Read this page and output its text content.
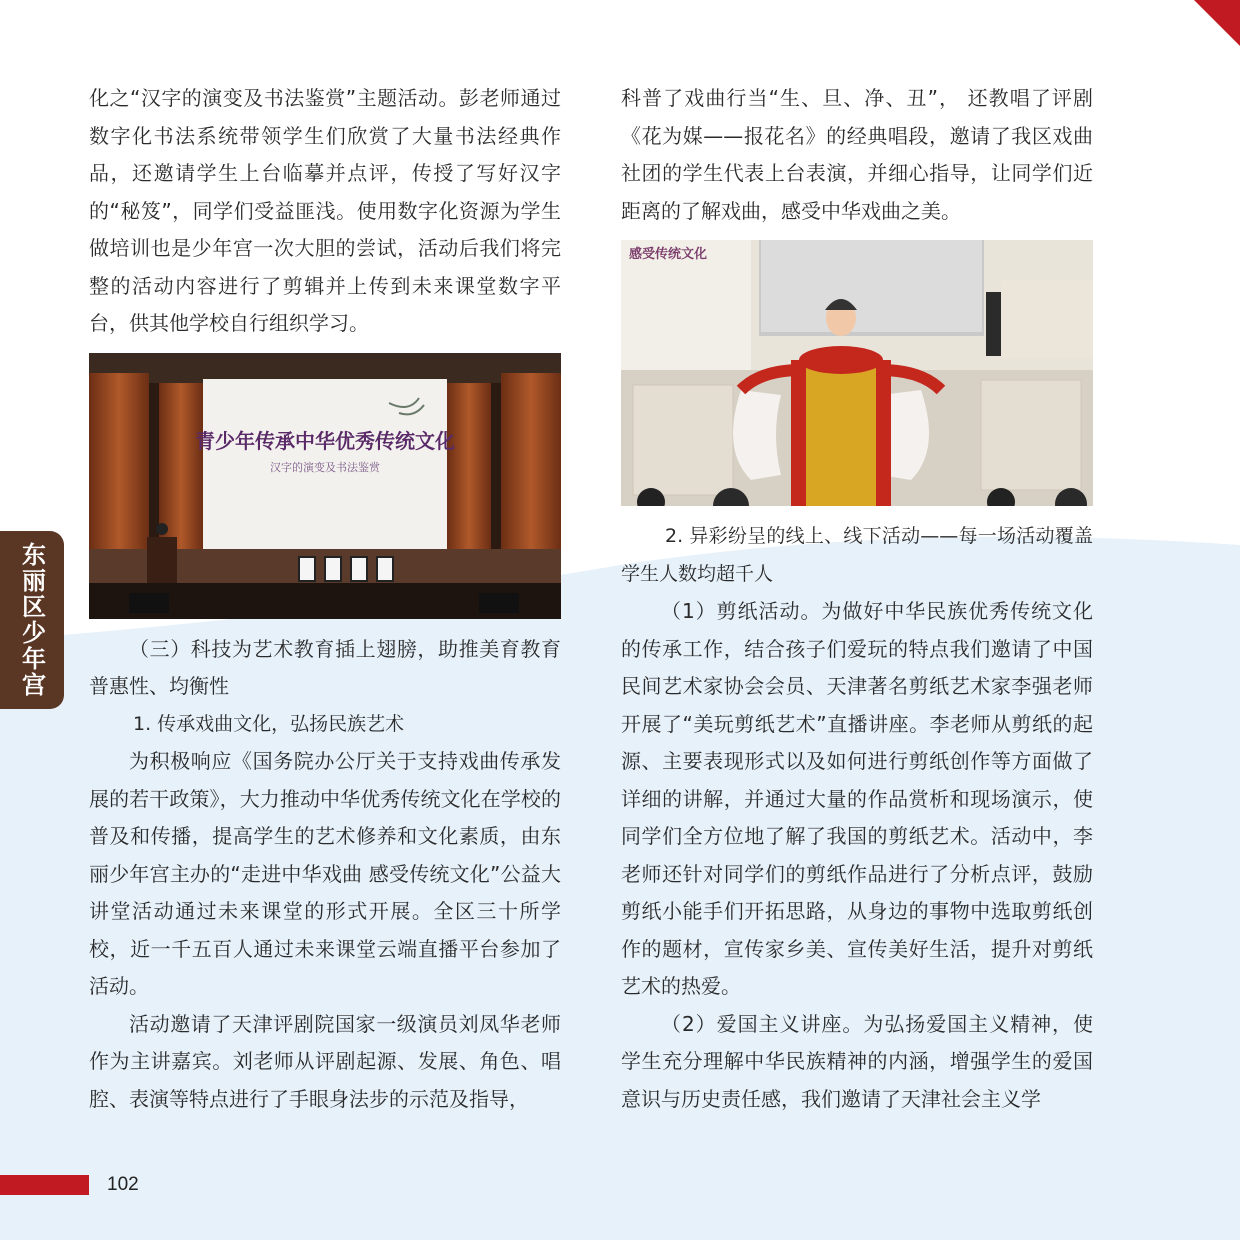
东丽区少年宫

化之“汉字的演变及书法鉴赏”主题活动。彭老师通过数字化书法系统带领学生们欣赏了大量书法经典作品，还邀请学生上台临摹并点评，传授了写好汉字的“秘笈”，同学们受益匪浅。使用数字化资源为学生做培训也是少年宫一次大胆的尝试，活动后我们将完整的活动内容进行了剪辑并上传到未来课堂数字平台，供其他学校自行组织学习。

青少年传承中华优秀传统文化
汉字的演变及书法鉴赏

（三）科技为艺术教育插上翅膀，助推美育教育普惠性、均衡性

1. 传承戏曲文化，弘扬民族艺术

为积极响应《国务院办公厅关于支持戏曲传承发展的若干政策》，大力推动中华优秀传统文化在学校的普及和传播，提高学生的艺术修养和文化素质，由东丽少年宫主办的“走进中华戏曲 感受传统文化”公益大讲堂活动通过未来课堂的形式开展。全区三十所学校，近一千五百人通过未来课堂云端直播平台参加了活动。

活动邀请了天津评剧院国家一级演员刘凤华老师作为主讲嘉宾。刘老师从评剧起源、发展、角色、唱腔、表演等特点进行了手眼身法步的示范及指导，

科普了戏曲行当“生、旦、净、丑”， 还教唱了评剧《花为媒——报花名》的经典唱段，邀请了我区戏曲社团的学生代表上台表演，并细心指导，让同学们近距离的了解戏曲，感受中华戏曲之美。

感受传统文化

2. 异彩纷呈的线上、线下活动——每一场活动覆盖学生人数均超千人

（1）剪纸活动。为做好中华民族优秀传统文化的传承工作，结合孩子们爱玩的特点我们邀请了中国民间艺术家协会会员、天津著名剪纸艺术家李强老师开展了“美玩剪纸艺术”直播讲座。李老师从剪纸的起源、主要表现形式以及如何进行剪纸创作等方面做了详细的讲解，并通过大量的作品赏析和现场演示，使同学们全方位地了解了我国的剪纸艺术。活动中，李老师还针对同学们的剪纸作品进行了分析点评，鼓励剪纸小能手们开拓思路，从身边的事物中选取剪纸创作的题材，宣传家乡美、宣传美好生活，提升对剪纸艺术的热爱。

（2）爱国主义讲座。为弘扬爱国主义精神，使学生充分理解中华民族精神的内涵，增强学生的爱国意识与历史责任感，我们邀请了天津社会主义学

102
